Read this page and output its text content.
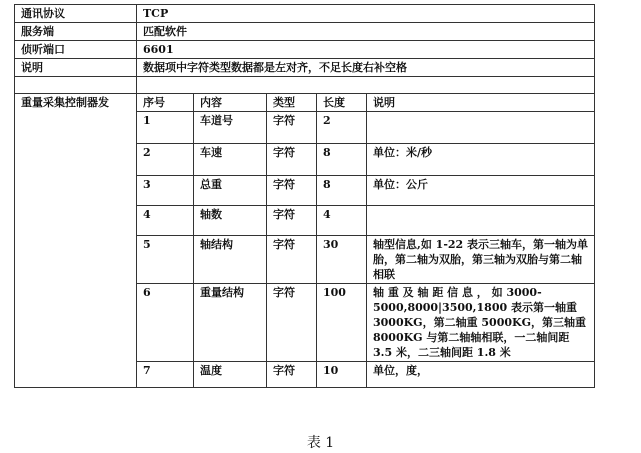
通讯协议	TCP				
服务端	匹配软件				
侦听端口	6601				
说明	数据项中字符类型数据都是左对齐，不足长度右补空格				

重量采集控制器发	序号	内容	类型	长度	说明
	1	车道号	字符	2	
	2	车速	字符	8	单位：米/秒
	3	总重	字符	8	单位：公斤
	4	轴数	字符	4	
	5	轴结构	字符	30	轴型信息,如 1-22 表示三轴车，第一轴为单胎，第二轴为双胎，第三轴为双胎与第二轴相联
	6	重量结构	字符	100	轴 重 及 轴 距 信 息 ， 如 3000-5000,8000|3500,1800 表示第一轴重 3000KG，第二轴重 5000KG，第三轴重 8000KG 与第二轴轴相联，一二轴间距 3.5 米，二三轴间距 1.8 米
	7	温度	字符	10	单位，度，
表 1
